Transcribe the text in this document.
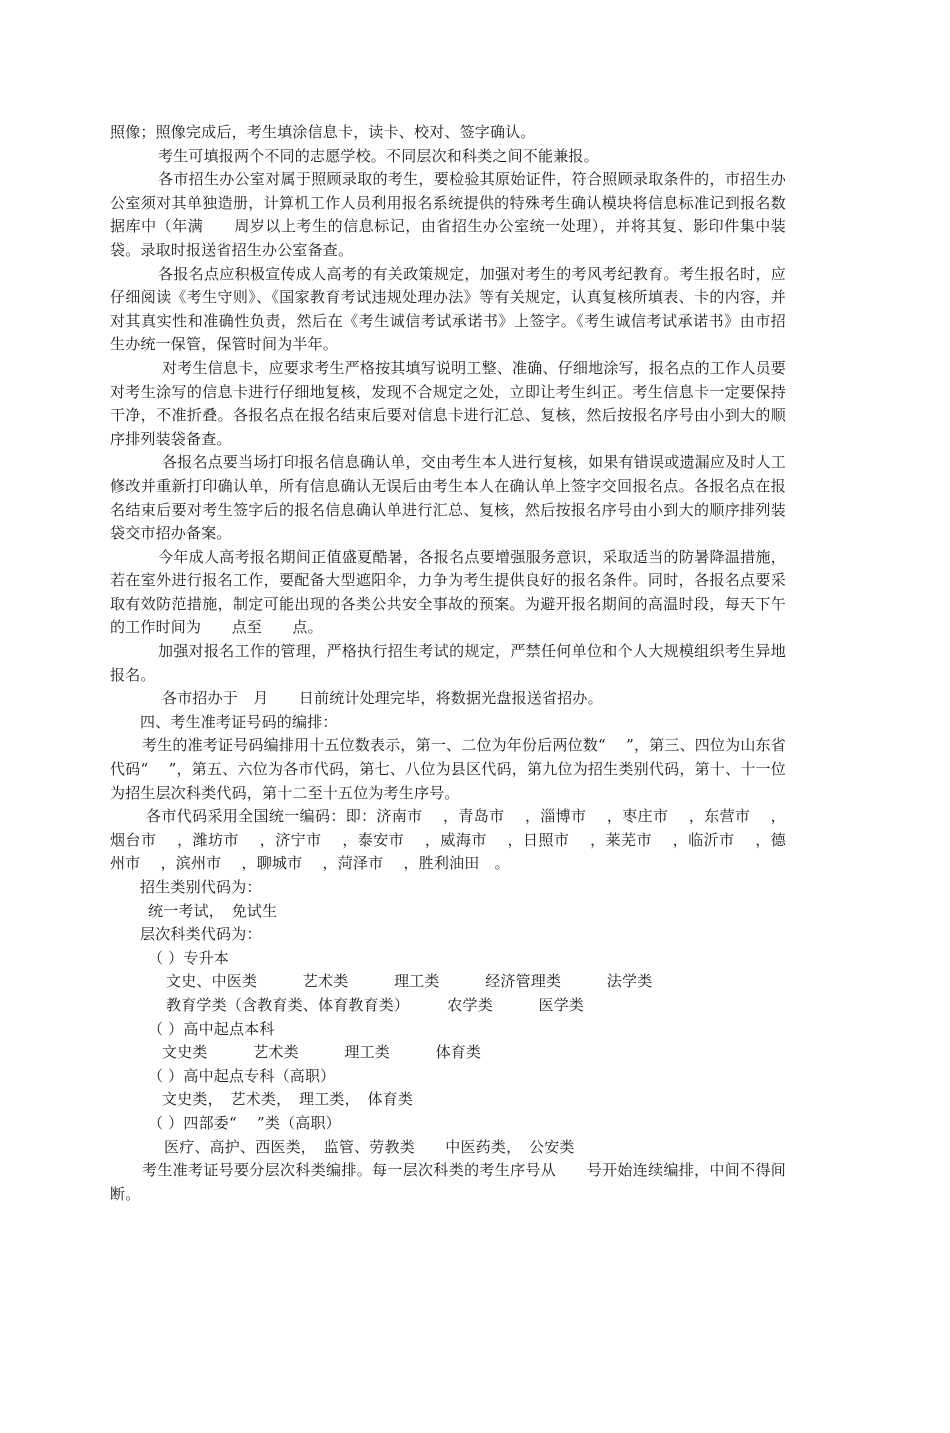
照像；照像完成后，考生填涂信息卡，读卡、校对、签字确认。

考生可填报两个不同的志愿学校。不同层次和科类之间不能兼报。

各市招生办公室对属于照顾录取的考生，要检验其原始证件，符合照顾录取条件的，市招生办公室须对其单独造册，计算机工作人员利用报名系统提供的特殊考生确认模块将信息标准记到报名数据库中（年满　　周岁以上考生的信息标记，由省招生办公室统一处理），并将其复、影印件集中装袋。录取时报送省招生办公室备查。

各报名点应积极宣传成人高考的有关政策规定，加强对考生的考风考纪教育。考生报名时，应仔细阅读《考生守则》、《国家教育考试违规处理办法》等有关规定，认真复核所填表、卡的内容，并对其真实性和准确性负责，然后在《考生诚信考试承诺书》上签字。《考生诚信考试承诺书》由市招生办统一保管，保管时间为半年。

对考生信息卡，应要求考生严格按其填写说明工整、准确、仔细地涂写，报名点的工作人员要对考生涂写的信息卡进行仔细地复核，发现不合规定之处，立即让考生纠正。考生信息卡一定要保持干净，不准折叠。各报名点在报名结束后要对信息卡进行汇总、复核，然后按报名序号由小到大的顺序排列装袋备查。

各报名点要当场打印报名信息确认单，交由考生本人进行复核，如果有错误或遗漏应及时人工修改并重新打印确认单，所有信息确认无误后由考生本人在确认单上签字交回报名点。各报名点在报名结束后要对考生签字后的报名信息确认单进行汇总、复核，然后按报名序号由小到大的顺序排列装袋交市招办备案。

今年成人高考报名期间正值盛夏酷暑，各报名点要增强服务意识，采取适当的防暑降温措施，若在室外进行报名工作，要配备大型遮阳伞，力争为考生提供良好的报名条件。同时，各报名点要采取有效防范措施，制定可能出现的各类公共安全事故的预案。为避开报名期间的高温时段，每天下午的工作时间为　　点至　　点。

加强对报名工作的管理，严格执行招生考试的规定，严禁任何单位和个人大规模组织考生异地报名。

各市招办于　月　　日前统计处理完毕，将数据光盘报送省招办。

四、考生准考证号码的编排：

考生的准考证号码编排用十五位数表示，第一、二位为年份后两位数“　 ”，第三、四位为山东省代码“　 ”，第五、六位为各市代码，第七、八位为县区代码，第九位为招生类别代码，第十、十一位为招生层次科类代码，第十二至十五位为考生序号。

各市代码采用全国统一编码：即：济南市　 ，青岛市　 ，淄博市　 ，枣庄市　 ，东营市　 ，烟台市　 ，潍坊市　 ，济宁市　 ，泰安市　 ，威海市　 ，日照市　 ，莱芜市　 ，临沂市　 ，德州市　 ，滨州市　 ，聊城市　 ，菏泽市　 ，胜利油田　。

招生类别代码为：

统一考试，　免试生

层次科类代码为：

（ ）专升本

文史、中医类　　　艺术类　　　理工类　　　经济管理类　　　法学类

教育学类（含教育类、体育教育类）　　　农学类　　　医学类

（ ）高中起点本科

文史类　　　艺术类　　　理工类　　　体育类

（ ）高中起点专科（高职）

文史类，　艺术类，　理工类，　体育类

（ ）四部委“　 ”类（高职）

医疗、高护、西医类，　监管、劳教类　　中医药类，　公安类

考生准考证号要分层次科类编排。每一层次科类的考生序号从　　号开始连续编排，中间不得间断。
